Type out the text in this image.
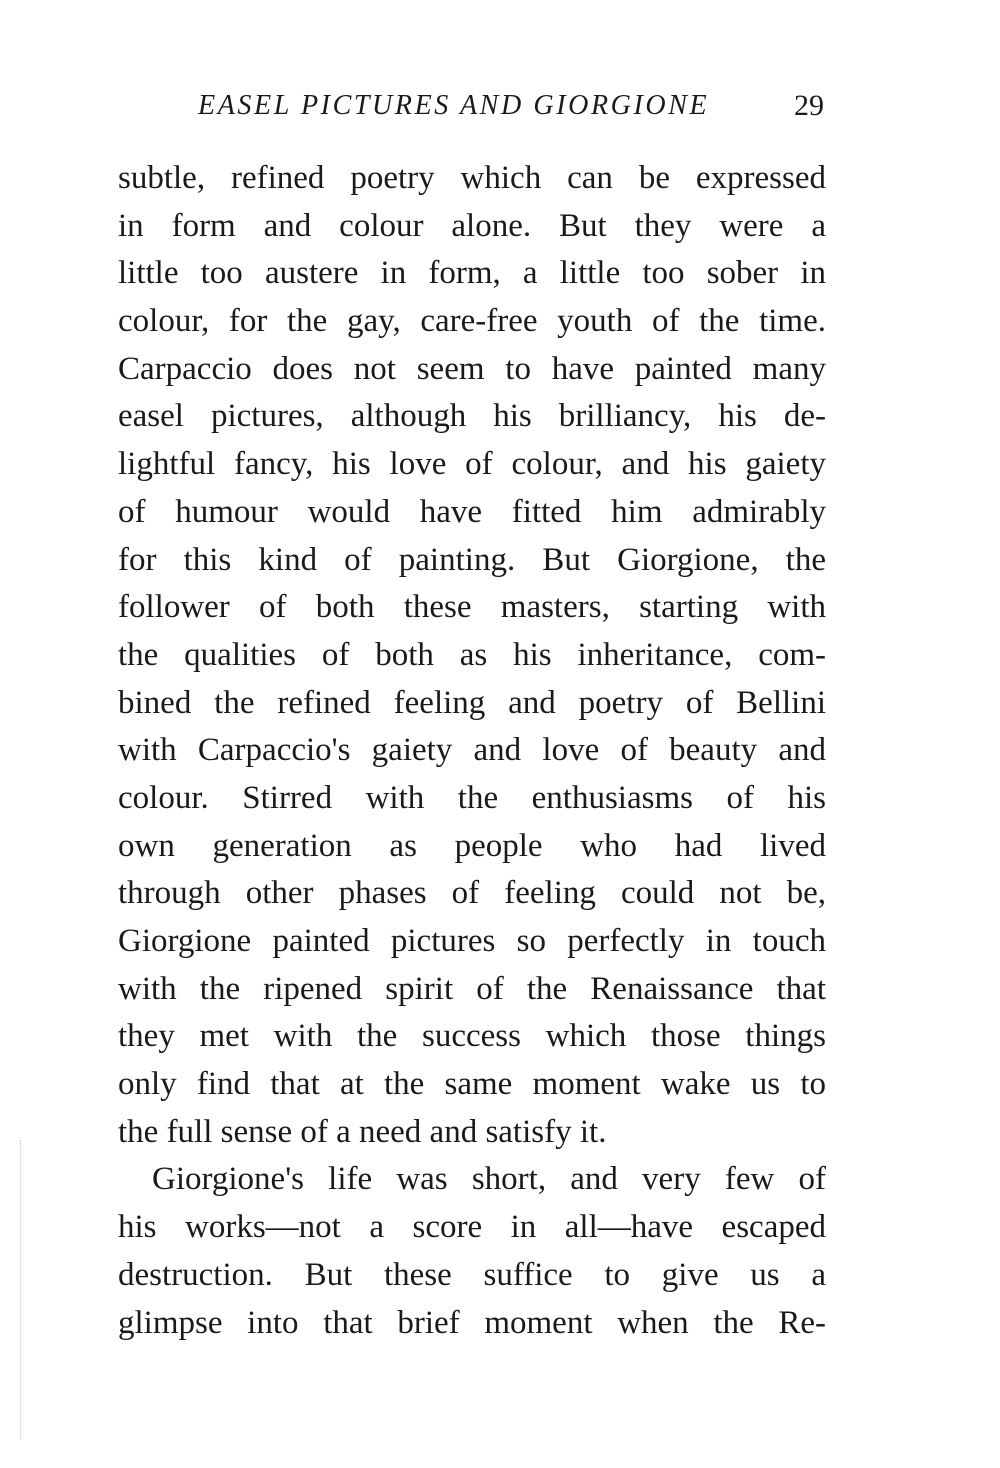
EASEL PICTURES AND GIORGIONE	29
subtle, refined poetry which can be expressed
in form and colour alone. But they were a
little too austere in form, a little too sober in
colour, for the gay, care-free youth of the time.
Carpaccio does not seem to have painted many
easel pictures, although his brilliancy, his de-
lightful fancy, his love of colour, and his gaiety
of humour would have fitted him admirably
for this kind of painting. But Giorgione, the
follower of both these masters, starting with
the qualities of both as his inheritance, com-
bined the refined feeling and poetry of Bellini
with Carpaccio's gaiety and love of beauty and
colour. Stirred with the enthusiasms of his
own generation as people who had lived
through other phases of feeling could not be,
Giorgione painted pictures so perfectly in touch
with the ripened spirit of the Renaissance that
they met with the success which those things
only find that at the same moment wake us to
the full sense of a need and satisfy it.
Giorgione's life was short, and very few of
his works—not a score in all—have escaped
destruction. But these suffice to give us a
glimpse into that brief moment when the Re-
